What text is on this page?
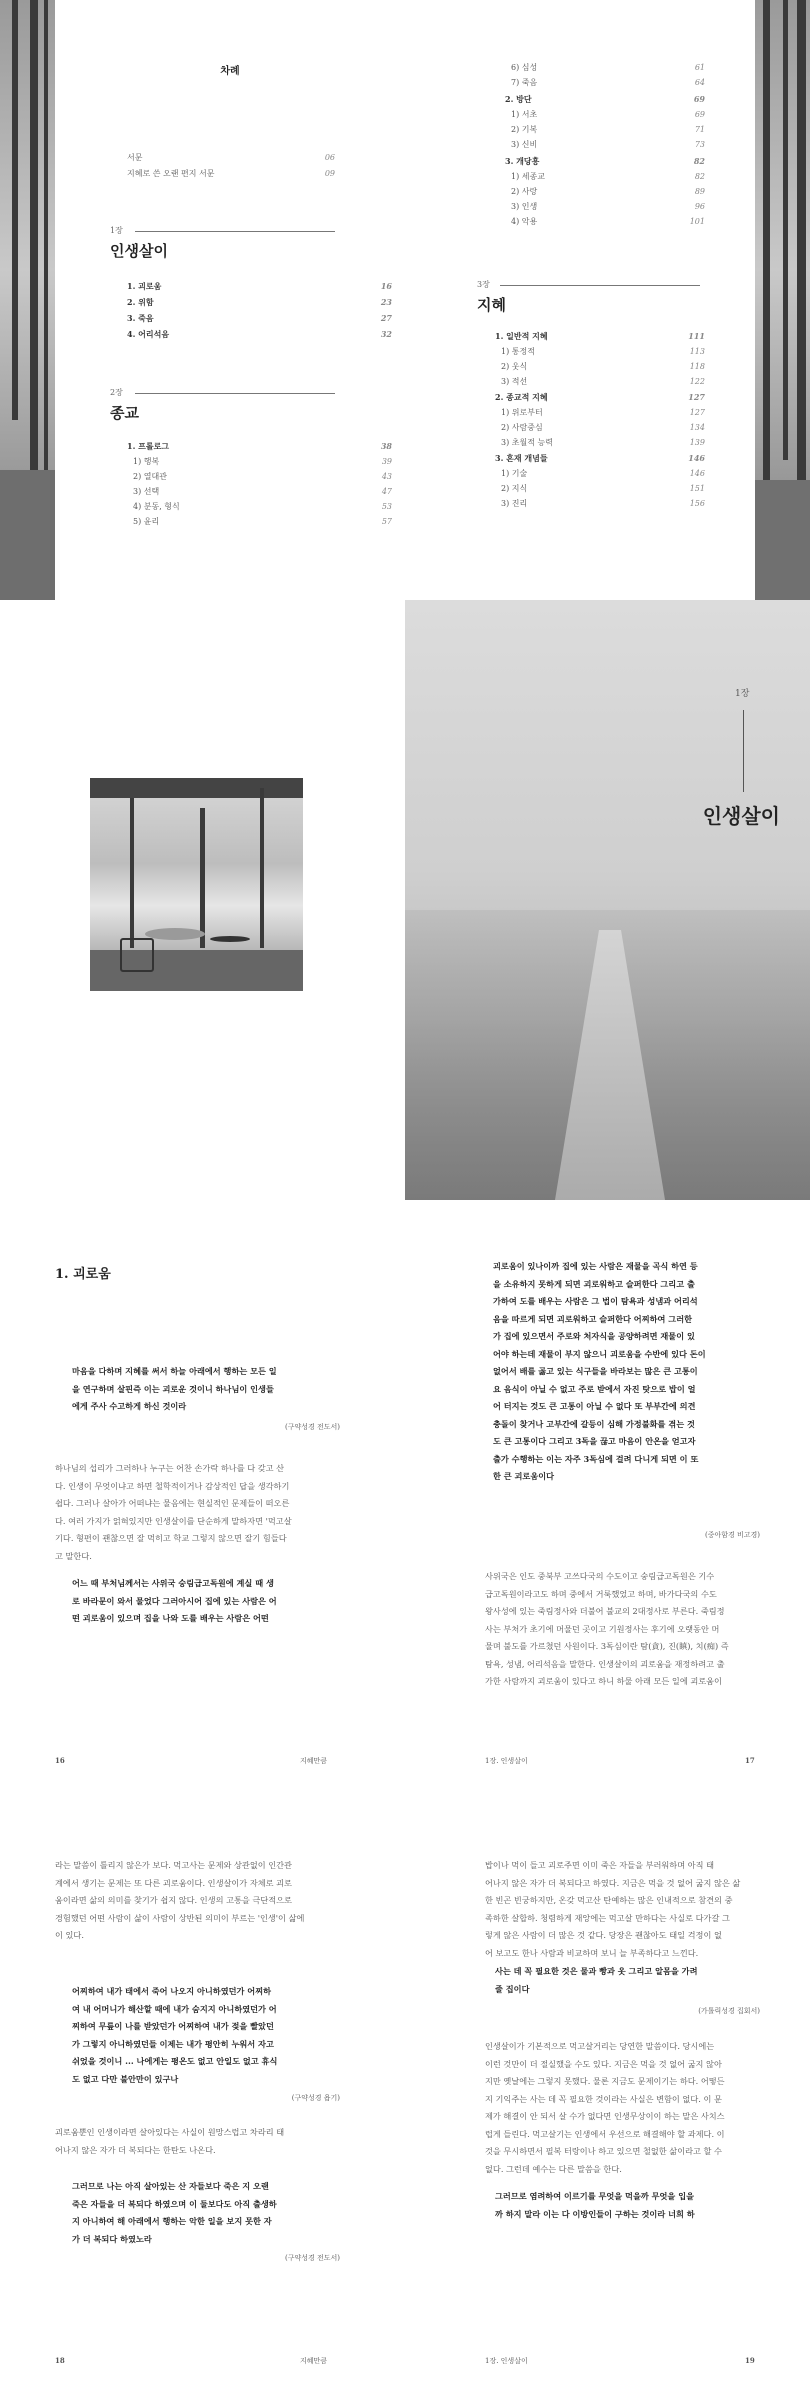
차례
서문	06
지혜로 쓴 오랜 편지 서문	09
1장
인생살이
1. 괴로움	16
2. 위함	23
3. 죽음	27
4. 어리석음	32
2장
종교
1. 프롤로그	38
1) 행복	39
2) 열대관	43
3) 선택	47
4) 분동, 형식	53
5) 윤리	57
6) 심성	61
7) 죽음	64
2. 방단	69
1) 서초	69
2) 기복	71
3) 신비	73
3. 개당흥	82
1) 세종교	82
2) 사랑	89
3) 인생	96
4) 악용	101
3장
지혜
1. 일반적 지혜	111
1) 통정적	113
2) 웃식	118
3) 적선	122
2. 종교적 지혜	127
1) 위로부터	127
2) 사람중심	134
3) 초월적 능력	139
3. 혼재 개념들	146
1) 기술	146
2) 지식	151
3) 진리	156
1장
인생살이
1. 괴로움
마음을 다하며 지혜를 써서 하늘 아래에서 행하는 모든 일
을 연구하며 살핀즉 이는 괴로운 것이니 하나님이 인생들
에게 주사 수고하게 하신 것이라
(구약성경 전도서)
하나님의 섭리가 그러하나 누구는 어찬 손가락 하나를 다 갖고 산
다. 인생이 무엇이냐고 하면 철학적이거나 감상적인 답을 생각하기
쉽다. 그러나 살아가 어떠냐는 물음에는 현실적인 문제들이 떠오른
다. 여러 가지가 얽혀있지만 인생살이를 단순하게 말하자면 '먹고살
기다. 형편이 괜찮으면 잘 먹히고 학교 그렇지 않으면 잘기 힘들다
고 말한다.
어느 때 부처님께서는 사위국 숭림급고독원에 계실 때 생
로 바라문이 와서 물었다 그러아시어 집에 있는 사람은 어
떤 괴로움이 있으며 집을 나와 도를 배우는 사람은 어떤
16	지혜만큼
괴로움이 있나이까 집에 있는 사람은 재물을 곡식 하연 등
을 소유하지 못하게 되면 괴로워하고 슬퍼한다 그리고 출
가하여 도를 배우는 사람은 그 법이 탐욕과 성냄과 어리석
음을 따르게 되면 괴로워하고 슬퍼한다 어찌하여 그러한
가 집에 있으면서 주로와 처자식을 공양하려면 재물이 있
어야 하는데 재물이 부지 않으니 괴로움을 수반에 있다 돈이
없어서 배를 곯고 있는 식구들을 바라보는 많은 큰 고통이
요 음식이 아닐 수 없고 주로 받에서 자진 탓으로 밥이 얼
어 터지는 것도 큰 고통이 아닐 수 없다 또 부부간에 의견
충돌이 찾거나 고부간에 갈등이 심해 가정불화를 겪는 것
도 큰 고통이다 그리고 3독을 끊고 마음이 안온을 얻고자
출가 수행하는 이는 자주 3독심에 걸려 다니게 되면 이 또
한 큰 괴로움이다
(중아함경 비고경)
사위국은 인도 중북부 고쓰다국의 수도이고 숭림급고독원은 기수
급고독원이라고도 하며 중에서 거룩했었고 하며, 바가다국의 수도
왕사성에 있는 죽림정사와 더불어 불교의 2대정사로 부른다. 죽림정
사는 부처가 초기에 머물던 곳이고 기원정사는 후기에 오랫동안 머
물며 불도를 가르쳤던 사원이다. 3독심이란 탐(貪), 진(瞋), 치(痴) 즉
탐욕, 성냄, 어리석음을 말한다. 인생살이의 괴로움을 재정하려고 출
가한 사람까지 괴로움이 있다고 하니 하물 아래 모든 일에 괴로움이
1장. 인생살이	17
라는 말씀이 틀리지 않은가 보다. 먹고사는 문제와 상관없이 인간관
계에서 생기는 문제는 또 다른 괴로움이다. 인생살이가 자체로 괴로
움이라면 삶의 의미를 찾기가 쉽지 않다. 인생의 고통을 극단적으로
경험했던 어떤 사람이 삶이 사람이 상반된 의미이 부르는 '인생'이 삶에
이 있다.
어찌하여 내가 태에서 죽어 나오지 아니하였던가 어찌하
여 내 어머니가 해산할 때에 내가 숨지지 아니하였던가 어
찌하여 무릎이 나를 받았던가 어찌하여 내가 젖을 빨았던
가 그렇지 아니하였던들 이제는 내가 평안히 누워서 자고
쉬었을 것이니 ... 나에게는 평온도 없고 안일도 없고 휴식
도 없고 다만 불안만이 있구나
(구약성경 욥기)
괴로움뿐인 인생이라면 살아있다는 사실이 원망스럽고 차라리 태
어나지 않은 자가 더 복되다는 한탄도 나온다.
그러므로 나는 아직 살아있는 산 자들보다 죽은 지 오랜
죽은 자들을 더 복되다 하였으며 이 둘보다도 아직 출생하
지 아니하여 해 아래에서 행하는 악한 일을 보지 못한 자
가 더 복되다 하였노라
(구약성경 전도서)
18	지혜만큼
밥이나 먹이 들고 괴로주면 이미 죽은 자들을 부러워하며 아직 태
어나지 않은 자가 더 복되다고 하였다. 지금은 먹을 것 없어 굶지 않은 삶
한 빈곤 빈궁하지만, 온갖 먹고산 탄예하는 많은 인내적으로 참견의 중
족하한 살합하. 청렴하게 재앙에는 먹고살 만하다는 사실로 다가갈 그
렇게 않은 사람이 더 많은 것 같다. 당장은 괜찮아도 태일 걱정이 없
어 보고도 한나 사람과 비교하며 보니 늘 부족하다고 느낀다.
사는 데 꼭 필요한 것은 물과 빵과 옷 그리고 알몸을 가려
줄 집이다
(가톨릭성경 집회서)
인생살이가 기본적으로 먹고살거리는 당연한 말씀이다. 당시에는
이런 것만이 더 절실했을 수도 있다. 지금은 먹을 것 없어 굶지 않아
지만 옛날에는 그렇지 못했다. 물론 지금도 문제이기는 하다. 어떻든
지 기익주는 사는 데 꼭 필요한 것이라는 사실은 변함이 없다. 이 문
제가 해결이 안 되서 살 수가 없다면 인생무상이이 하는 말은 사치스
럽게 들린다. 먹고살기는 인생에서 우선으로 해결해야 할 과제다. 이
것을 무시하면서 필복 터랑이나 하고 있으면 철없한 삶이라고 할 수
없다. 그런데 예수는 다른 말씀을 한다.
그러므로 염려하여 이르기를 무엇을 먹을까 무엇을 입을
까 하지 말라 이는 다 이방인들이 구하는 것이라 너희 하
1장. 인생살이	19
